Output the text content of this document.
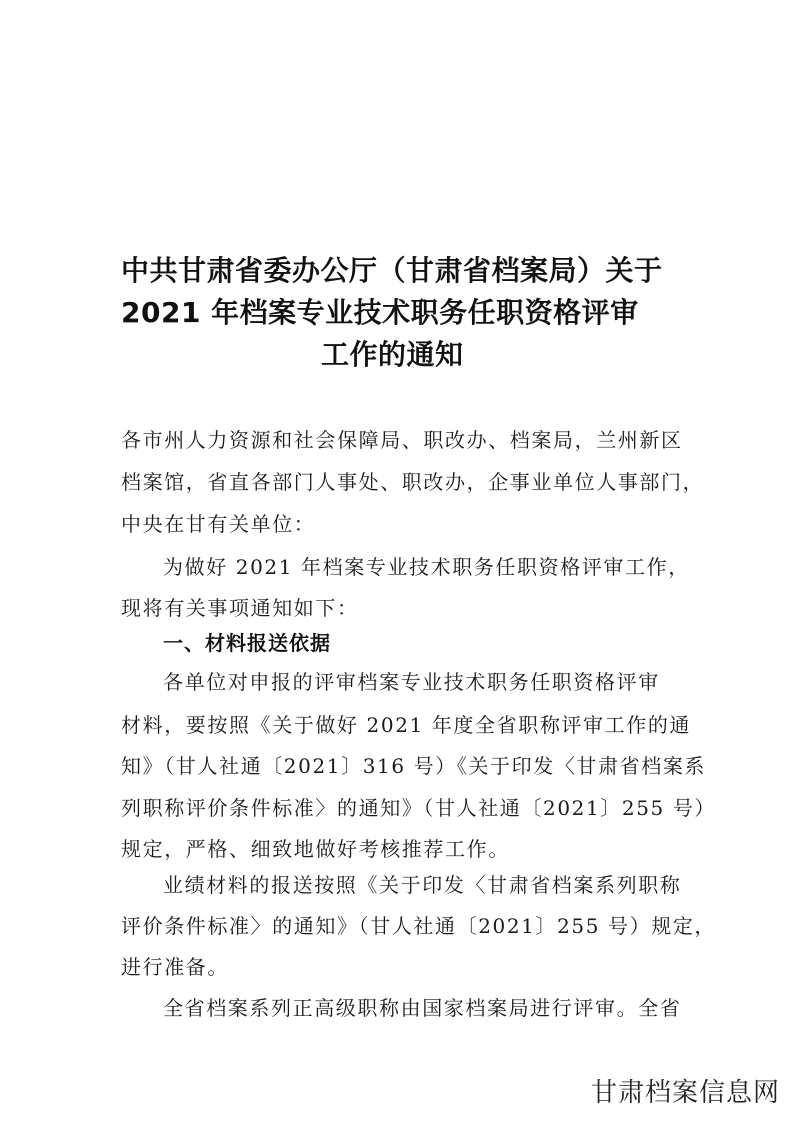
中共甘肃省委办公厅（甘肃省档案局）关于
2021 年档案专业技术职务任职资格评审
工作的通知
各市州人力资源和社会保障局、职改办、档案局，兰州新区
档案馆，省直各部门人事处、职改办，企事业单位人事部门，
中央在甘有关单位：
为做好 2021 年档案专业技术职务任职资格评审工作，
现将有关事项通知如下：
一、材料报送依据
各单位对申报的评审档案专业技术职务任职资格评审
材料，要按照《关于做好 2021 年度全省职称评审工作的通
知》（甘人社通〔2021〕316 号）《关于印发〈甘肃省档案系
列职称评价条件标准〉的通知》（甘人社通〔2021〕255 号）
规定，严格、细致地做好考核推荐工作。
业绩材料的报送按照《关于印发〈甘肃省档案系列职称
评价条件标准〉的通知》（甘人社通〔2021〕255 号）规定，
进行准备。
全省档案系列正高级职称由国家档案局进行评审。全省
甘肃档案信息网
